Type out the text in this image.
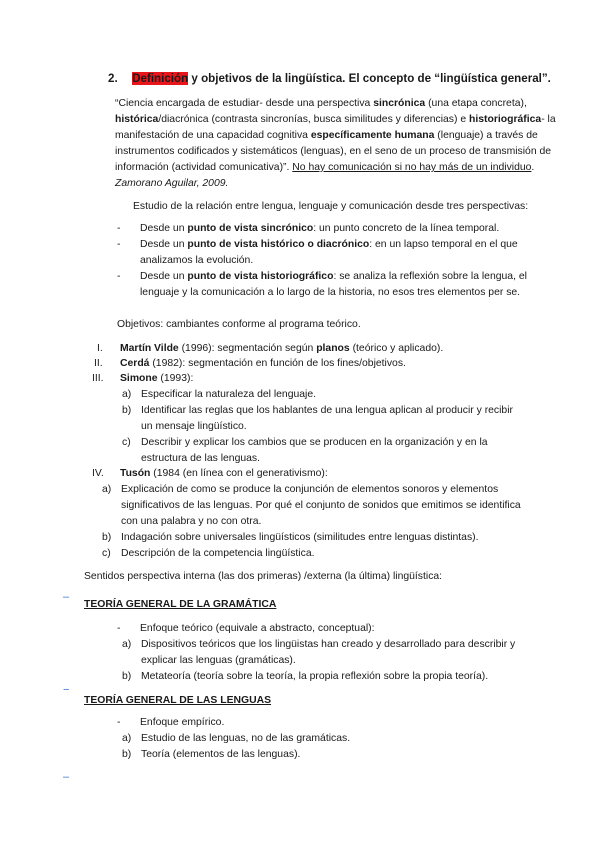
2. Definición y objetivos de la lingüística. El concepto de “lingüística general”.
“Ciencia encargada de estudiar- desde una perspectiva sincrónica (una etapa concreta),
histórica/diacrónica (contrasta sincronías, busca similitudes y diferencias) e historiográfica- la
manifestación de una capacidad cognitiva específicamente humana (lenguaje) a través de
instrumentos codificados y sistemáticos (lenguas), en el seno de un proceso de transmisión de
información (actividad comunicativa)”. No hay comunicación si no hay más de un individuo.
Zamorano Aguilar, 2009.
Estudio de la relación entre lengua, lenguaje y comunicación desde tres perspectivas:
- Desde un punto de vista sincrónico: un punto concreto de la línea temporal.
- Desde un punto de vista histórico o diacrónico: en un lapso temporal en el que
analizamos la evolución.
- Desde un punto de vista historiográfico: se analiza la reflexión sobre la lengua, el
lenguaje y la comunicación a lo largo de la historia, no esos tres elementos per se.
Objetivos: cambiantes conforme al programa teórico.
I. Martín Vilde (1996): segmentación según planos (teórico y aplicado).
II. Cerdá (1982): segmentación en función de los fines/objetivos.
III. Simone (1993):
a) Especificar la naturaleza del lenguaje.
b) Identificar las reglas que los hablantes de una lengua aplican al producir y recibir
un mensaje lingüístico.
c) Describir y explicar los cambios que se producen en la organización y en la
estructura de las lenguas.
IV. Tusón (1984 (en línea con el generativismo):
a) Explicación de como se produce la conjunción de elementos sonoros y elementos
significativos de las lenguas. Por qué el conjunto de sonidos que emitimos se identifica
con una palabra y no con otra.
b) Indagación sobre universales lingüísticos (similitudes entre lenguas distintas).
c) Descripción de la competencia lingüística.
Sentidos perspectiva interna (las dos primeras) /externa (la última) lingüística:
–
TEORÍA GENERAL DE LA GRAMÁTICA
- Enfoque teórico (equivale a abstracto, conceptual):
a) Dispositivos teóricos que los lingüistas han creado y desarrollado para describir y
explicar las lenguas (gramáticas).
b) Metateoría (teoría sobre la teoría, la propia reflexión sobre la propia teoría).
−
TEORÍA GENERAL DE LAS LENGUAS
- Enfoque empírico.
a) Estudio de las lenguas, no de las gramáticas.
b) Teoría (elementos de las lenguas).
–
